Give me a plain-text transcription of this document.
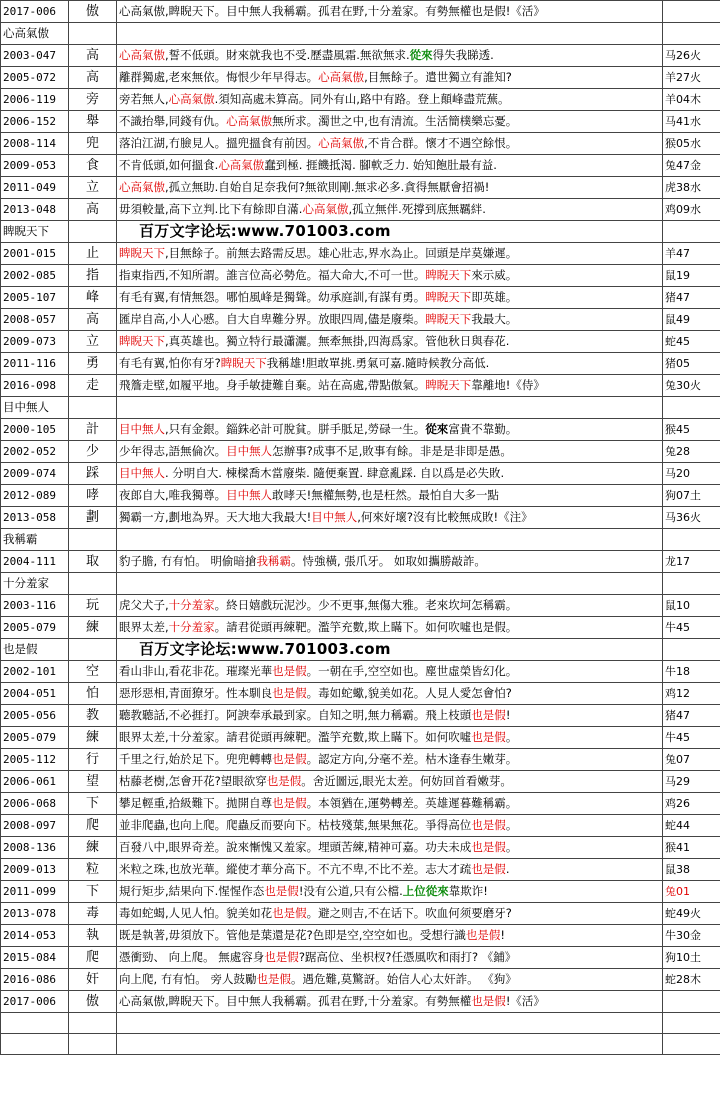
2017-006	傲	心高氣傲,睥睨天下。目中無人我稱霸。孤君在野,十分羞家。有勢無權也是假!《活》	
心高氣傲			
2003-047	高	心高氣傲,誓不低頭。財來就我也不受.歷盡風霜.無欲無求.從來得失我睇透.	马26火
2005-072	高	離群獨處,老來無依。悔恨少年早得志。心高氣傲,目無餘子。遣世獨立有誰知?	羊27火
2006-119	旁	旁若無人,心高氣傲.須知高處未算高。同外有山,路中有路。登上顛峰盡荒蕪。	羊04木
2006-152	舉	不識抬舉,同錢有仇。心高氣傲無所求。濁世之中,也有清流。生活簡樸樂忘憂。	马41水
2008-114	兜	落泊江湖,冇臉見人。搵兜搵食有前因。心高氣傲,不肯合群。懷才不遇空餘恨。	猴05水
2009-053	食	不肯低頭,如何搵食.心高氣傲蠢到極. 捱饑抵渴. 腳軟乏力. 始知飽肚最有益.	兔47金
2011-049	立	心高氣傲,孤立無助.自始自足奈我何?無欲則剛.無求必多.貪得無厭會招禍!	虎38水
2013-048	高	毋須較量,高下立判.比下有餘即自滿.心高氣傲,孤立無伴.死撐到底無羈絆.	鸡09水
睥睨天下		百万文字论坛:www.701003.com	
2001-015	止	睥睨天下,目無餘子。前無去路需反思。雄心壯志,界水為止。回頭是岸莫嫌遲。	羊47
2002-085	指	指東指西,不知所謂。誰言位高必勢危。福大命大,不可一世。睥睨天下來示威。	鼠19
2005-107	峰	有毛有翼,有情無怨。哪怕風峰是獨聳。幼承庭訓,有謀有勇。睥睨天下即英雄。	猪47
2008-057	高	匯岸自高,小人心慼。自大自卑難分界。放眼四周,儘是廢柴。睥睨天下我最大。	鼠49
2009-073	立	睥睨天下,真英雄也。獨立特行最瀟灑。無牽無掛,四海爲家。管他秋日與春花.	蛇45
2011-116	勇	有毛有翼,怕你有牙?睥睨天下我稱雄!胆敢單挑.勇氣可嘉.隨時候教分高低.	猪05
2016-098	走	飛簷走壁,如履平地。身手敏捷難自棄。站在高處,帶點傲氣。睥睨天下靠離地!《侍》	兔30火
目中無人			
2000-105	計	目中無人,只有金銀。錙銖必計可脫貧。胼手胝足,勞碌一生。從來富貴不靠勤。	猴45
2002-052	少	少年得志,語無倫次。目中無人怎辦事?成事不足,敗事有餘。非是是非即是愚。	兔28
2009-074	踩	目中無人. 分明自大. 棟樑喬木當廢柴. 隨便棄置. 肆意亂踩. 自以爲是必失敗.	马20
2012-089	哮	夜郎自大,唯我獨尊。目中無人敢哮天!無權無勢,也是枉然。最怕自大多一點	狗07土
2013-058	劃	獨霸一方,劃地為界。天大地大我最大!目中無人,何來好壞?沒有比較無成敗!《注》	马36火
我稱霸			
2004-111	取	豹子膽, 冇有怕。 明偷暗搶我稱霸。恃強橫, 張爪牙。 如取如攜勝敲詐。	龙17
十分羞家			
2003-116	玩	虎父犬子,十分羞家。終日嬉戲玩泥沙。少不更事,無傷大雅。老來坎坷怎稱霸。	鼠10
2005-079	練	眼界太差,十分羞家。請君從頭再練靶。濫竽充數,欺上瞞下。如何吹噓也是假。	牛45
也是假		百万文字论坛:www.701003.com	
2002-101	空	看山非山,看花非花。璀璨光華也是假。一朝在手,空空如也。塵世虛榮皆幻化。	牛18
2004-051	怕	惡形惡相,青面獠牙。性本馴良也是假。毒如蛇蠍,貌美如花。人見人愛怎會怕?	鸡12
2005-056	教	聽教聽話,不必捱打。阿諛奉承最到家。自知之明,無力稱霸。飛上枝頭也是假!	猪47
2005-079	練	眼界太差,十分羞家。請君從頭再練靶。濫竽充數,欺上瞞下。如何吹噓也是假。	牛45
2005-112	行	千里之行,始於足下。兜兜轉轉也是假。認定方向,分毫不差。枯木逢春生嫩芽。	兔07
2006-061	望	枯藤老樹,怎會开花?望眼欲穿也是假。舍近圖远,眼光太差。何妨回首看嫩芽。	马29
2006-068	下	攀足輕重,拾級難下。拋開自尊也是假。本領猶在,運勢轉差。英雄遲暮難稱霸。	鸡26
2008-097	爬	並非爬蟲,也向上爬。爬蟲反而要向下。枯枝殘葉,無果無花。爭得高位也是假。	蛇44
2008-136	練	百發八中,眼界奇差。說來慚愧又羞家。埋頭苦練,精神可嘉。功夫未成也是假。	猴41
2009-013	粒	米粒之珠,也放光華。縱使才華分高下。不亢不卑,不比不差。志大才疏也是假.	鼠38
2011-099	下	規行矩步,結果向下.惺惺作态也是假!没有公道,只有公檔.上位從來靠欺诈!	兔01
2013-078	毒	毒如蛇蝎,人见人怕。貌美如花也是假。避之则吉,不在话下。吹血何须要磨牙?	蛇49火
2014-053	執	既是執著,毋須放下。管他是葉還是花?色即是空,空空如也。受想行識也是假!	牛30金
2015-084	爬	憑衝勁、 向上爬。 無處容身也是假?踞高位、坐枳杈?任憑風吹和雨打? 《鋪》	狗10土
2016-086	奸	向上爬, 冇有怕。 旁人鼓勵也是假。遇危難,莫驚訝。始信人心太奸詐。 《狗》	蛇28木
2017-006	傲	心高氣傲,睥睨天下。目中無人我稱霸。孤君在野,十分羞家。有勢無權也是假!《活》	
